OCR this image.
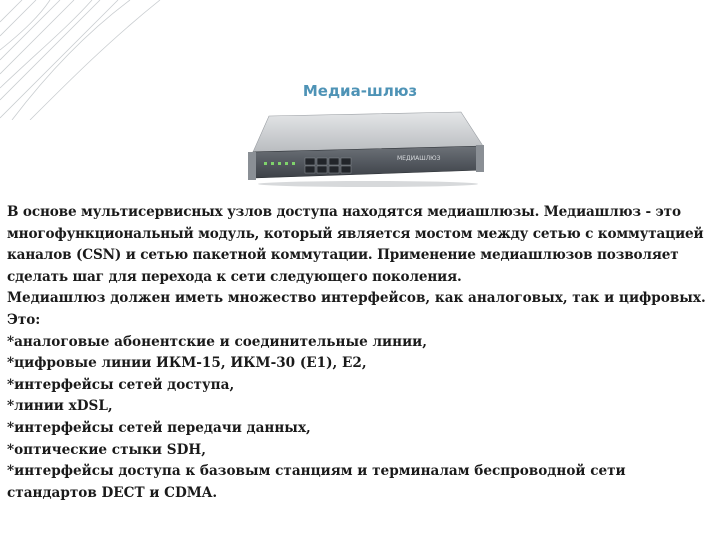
Медиа-шлюз
МЕДИАШЛЮЗ

В основе мультисервисных узлов доступа находятся медиашлюзы. Медиашлюз - это многофункциональный модуль, который является мостом между сетью с коммутацией каналов (CSN) и сетью пакетной коммутации. Применение медиашлюзов позволяет сделать шаг для перехода к сети следующего поколения.

Медиашлюз должен иметь множество интерфейсов, как аналоговых, так и цифровых. Это:

*аналоговые абонентские и соединительные линии,

*цифровые линии ИКМ-15, ИКМ-30 (Е1), Е2,

*интерфейсы сетей доступа,

*линии xDSL,

*интерфейсы сетей передачи данных,

*оптические стыки SDH,

*интерфейсы доступа к базовым станциям и терминалам беспроводной сети стандартов DECT и CDMA.
